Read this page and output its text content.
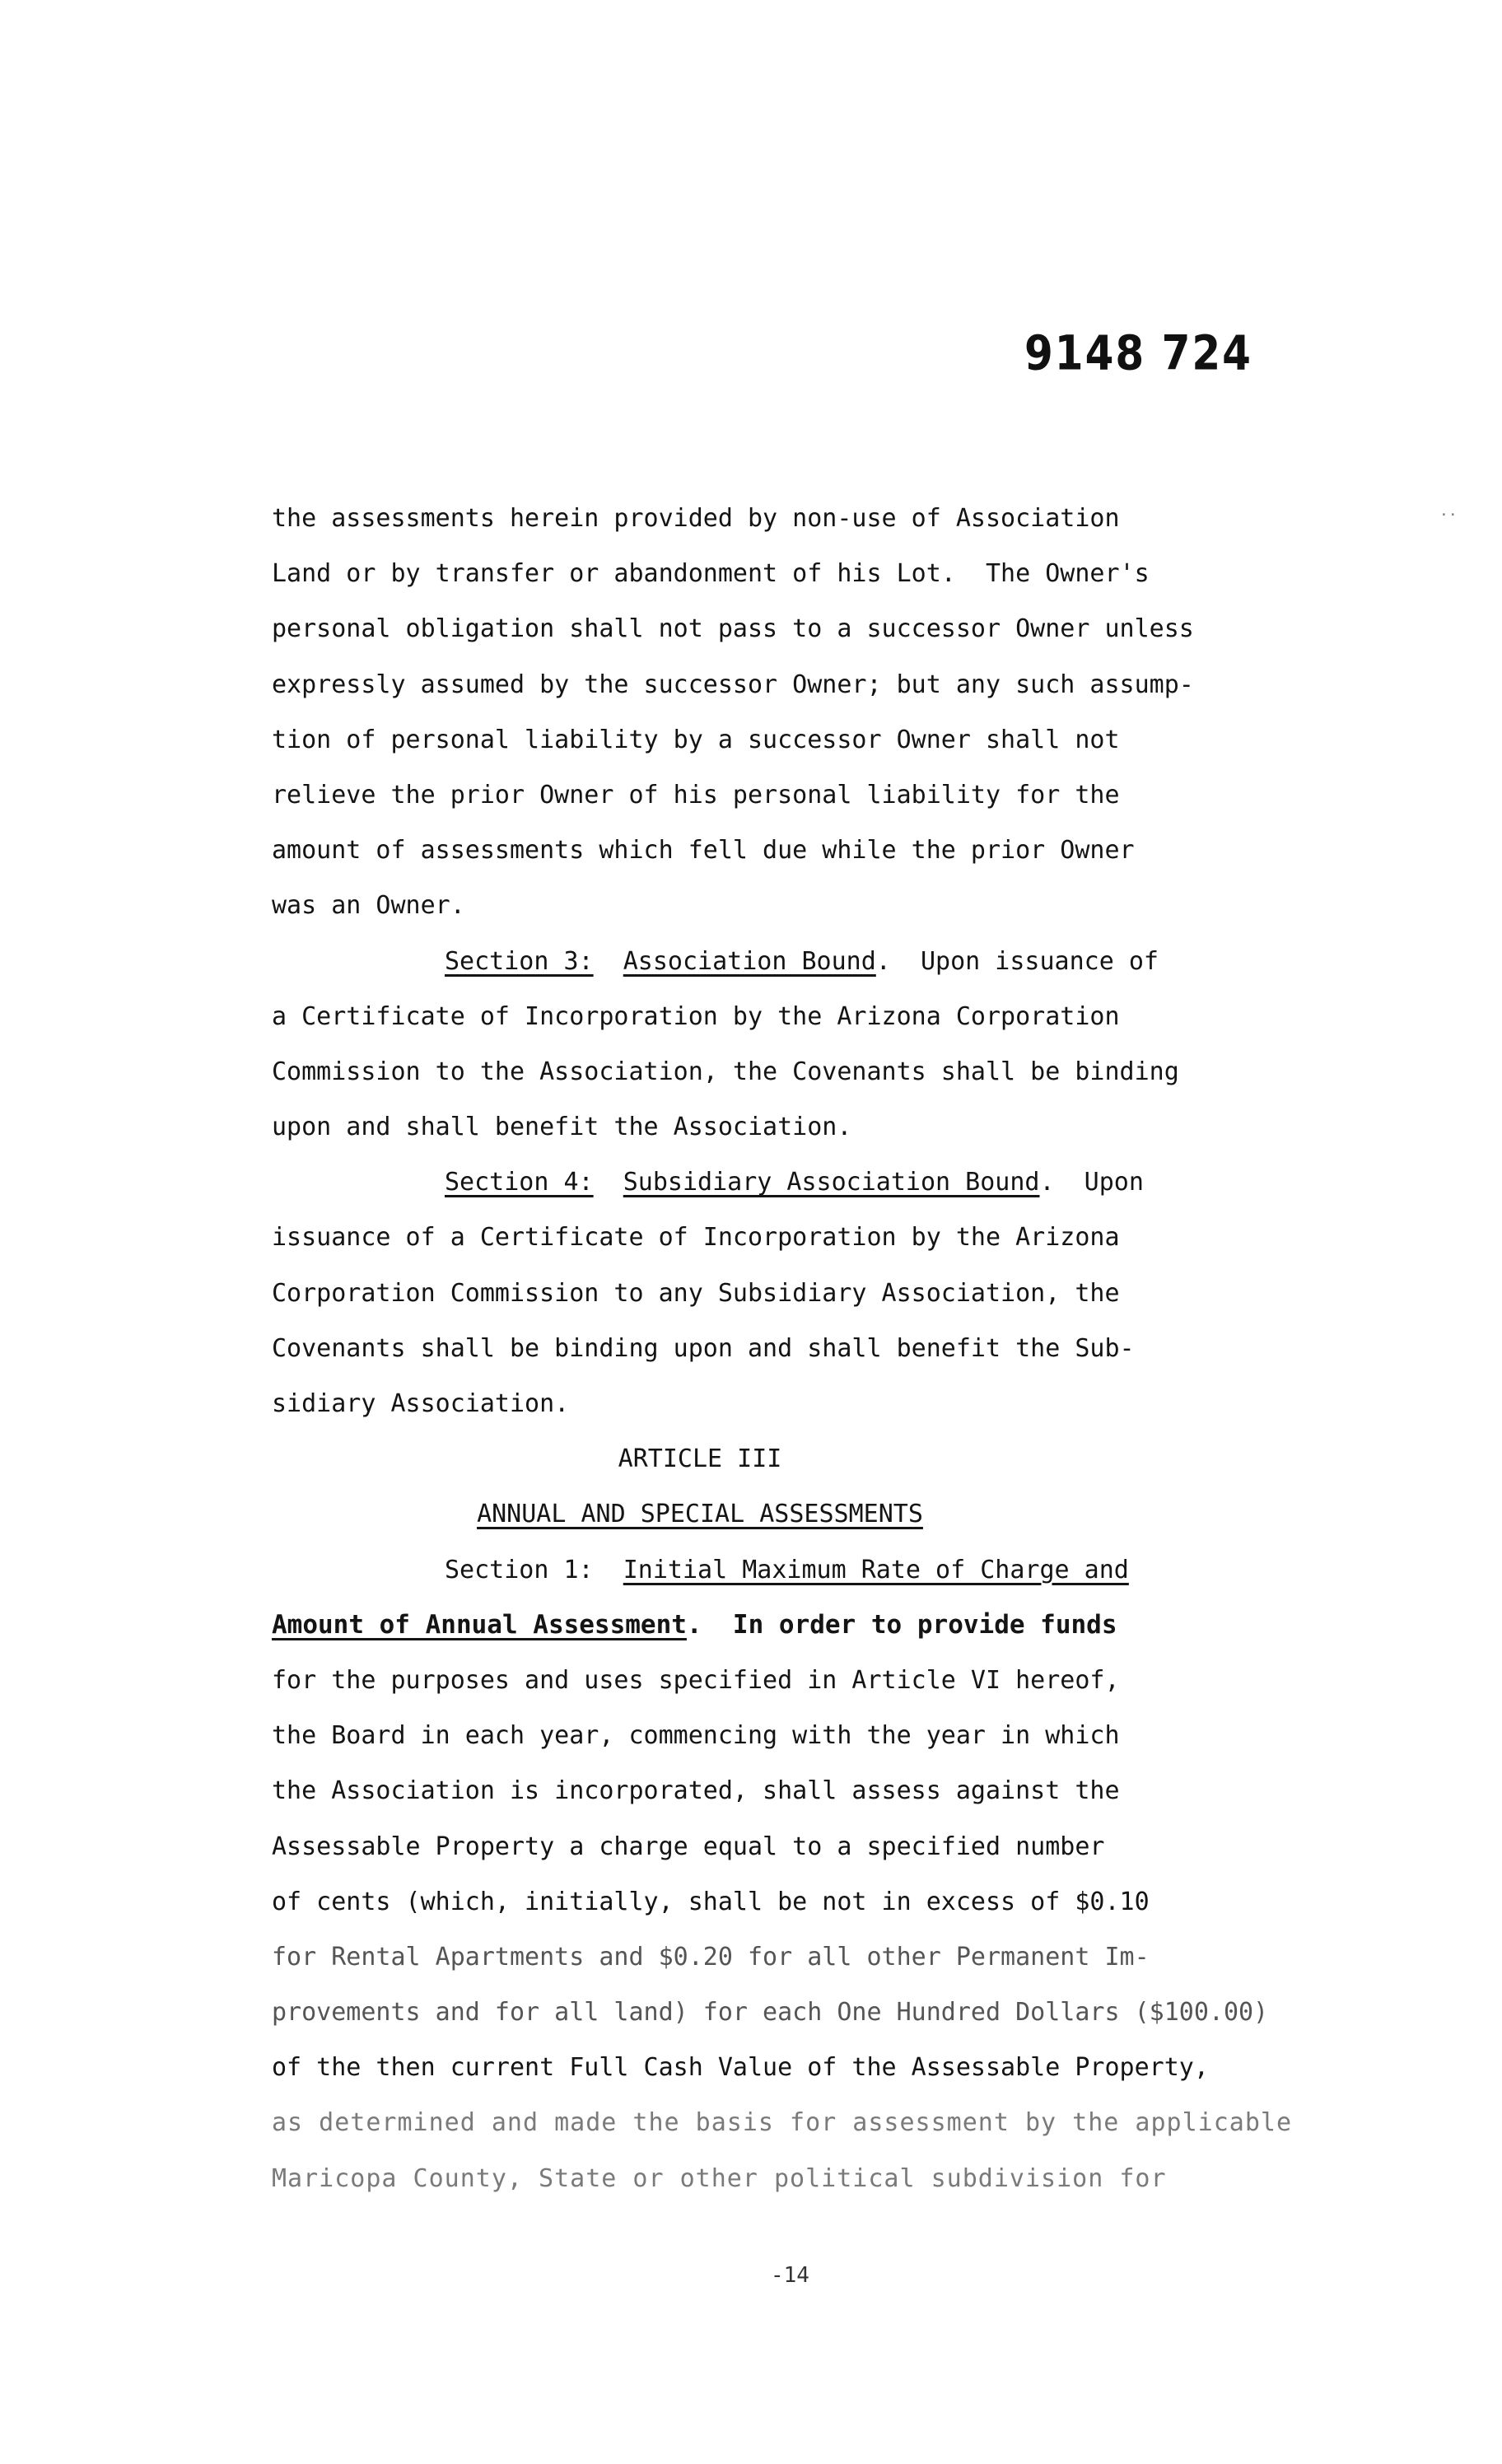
9148 724
..
the assessments herein provided by non-use of Association
Land or by transfer or abandonment of his Lot.  The Owner's
personal obligation shall not pass to a successor Owner unless
expressly assumed by the successor Owner; but any such assump-
tion of personal liability by a successor Owner shall not
relieve the prior Owner of his personal liability for the
amount of assessments which fell due while the prior Owner
was an Owner.
Section 3: Association Bound.  Upon issuance of
a Certificate of Incorporation by the Arizona Corporation
Commission to the Association, the Covenants shall be binding
upon and shall benefit the Association.
Section 4: Subsidiary Association Bound.  Upon
issuance of a Certificate of Incorporation by the Arizona
Corporation Commission to any Subsidiary Association, the
Covenants shall be binding upon and shall benefit the Sub-
sidiary Association.
ARTICLE III
ANNUAL AND SPECIAL ASSESSMENTS
Section 1: Initial Maximum Rate of Charge and
Amount of Annual Assessment.  In order to provide funds
for the purposes and uses specified in Article VI hereof,
the Board in each year, commencing with the year in which
the Association is incorporated, shall assess against the
Assessable Property a charge equal to a specified number
of cents (which, initially, shall be not in excess of $0.10
for Rental Apartments and $0.20 for all other Permanent Im-
provements and for all land) for each One Hundred Dollars ($100.00)
of the then current Full Cash Value of the Assessable Property,
as determined and made the basis for assessment by the applicable
Maricopa County, State or other political subdivision for
-14
